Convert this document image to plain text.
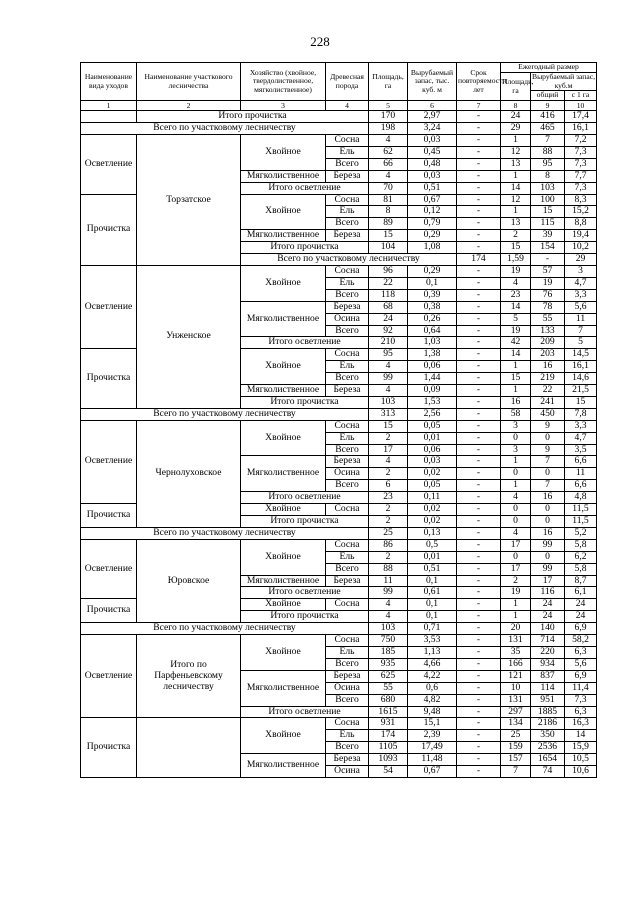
228
Наименование вида уходов	Наименование участкового лесничества	Хозяйство (хвойное, твердолиственное, мягколиственное)	Древесная порода	Площадь, га	Вырубаемый запас, тыс. куб. м	Срок повторяемости лет	Ежегодный размер			
							Площадь, га	Вырубаемый запас, куб.м		
								общий	с 1 га	
1	2	3	4	5	6	7	8	9	10	
	Итого прочистка			170	2,97	-	24	416	17,4	
Всего по участковому лесничеству				198	3,24	-	29	465	16,1	
Осветление	Торзатское	Хвойное	Сосна	4	0,03	-	1	7	7,2	
			Ель	62	0,45	-	12	88	7,3	
			Всего	66	0,48	-	13	95	7,3	
		Мягколиственное	Береза	4	0,03	-	1	8	7,7	
		Итого осветление		70	0,51	-	14	103	7,3	
Прочистка		Хвойное	Сосна	81	0,67	-	12	100	8,3	
			Ель	8	0,12	-	1	15	15,2	
			Всего	89	0,79	-	13	115	8,8	
		Мягколиственное	Береза	15	0,29	-	2	39	19,4	
		Итого прочистка		104	1,08	-	15	154	10,2	
		Всего по участковому лесничеству				174	1,59	-	29		
Осветление	Унженское	Хвойное	Сосна	96	0,29	-	19	57	3	
			Ель	22	0,1	-	4	19	4,7	
			Всего	118	0,39	-	23	76	3,3	
		Мягколиственное	Береза	68	0,38	-	14	78	5,6	
			Осина	24	0,26	-	5	55	11	
			Всего	92	0,64	-	19	133	7	
		Итого осветление		210	1,03	-	42	209	5	
Прочистка		Хвойное	Сосна	95	1,38	-	14	203	14,5	
			Ель	4	0,06	-	1	16	16,1	
			Всего	99	1,44	-	15	219	14,6	
		Мягколиственное	Береза	4	0,09	-	1	22	21,5	
		Итого прочистка		103	1,53	-	16	241	15	
Всего по участковому лесничеству				313	2,56	-	58	450	7,8	
Осветление	Чернолуховское	Хвойное	Сосна	15	0,05	-	3	9	3,3	
			Ель	2	0,01	-	0	0	4,7	
			Всего	17	0,06	-	3	9	3,5	
		Мягколиственное	Береза	4	0,03	-	1	7	6,6	
			Осина	2	0,02	-	0	0	11	
			Всего	6	0,05	-	1	7	6,6	
		Итого осветление		23	0,11	-	4	16	4,8	
Прочистка		Хвойное	Сосна	2	0,02	-	0	0	11,5	
		Итого прочистка		2	0,02	-	0	0	11,5	
Всего по участковому лесничеству				25	0,13	-	4	16	5,2	
Осветление	Юровское	Хвойное	Сосна	86	0,5	-	17	99	5,8	
			Ель	2	0,01	-	0	0	6,2	
			Всего	88	0,51	-	17	99	5,8	
		Мягколиственное	Береза	11	0,1	-	2	17	8,7	
		Итого осветление		99	0,61	-	19	116	6,1	
Прочистка		Хвойное	Сосна	4	0,1	-	1	24	24	
		Итого прочистка		4	0,1	-	1	24	24	
Всего по участковому лесничеству				103	0,71	-	20	140	6,9	
Осветление	Итого по Парфеньевскому лесничеству	Хвойное	Сосна	750	3,53	-	131	714	58,2	
			Ель	185	1,13	-	35	220	6,3	
			Всего	935	4,66	-	166	934	5,6	
		Мягколиственное	Береза	625	4,22	-	121	837	6,9	
			Осина	55	0,6	-	10	114	11,4	
			Всего	680	4,82	-	131	951	7,3	
		Итого осветление		1615	9,48	-	297	1885	6,3	
Прочистка		Хвойное	Сосна	931	15,1	-	134	2186	16,3	
			Ель	174	2,39	-	25	350	14	
			Всего	1105	17,49	-	159	2536	15,9	
		Мягколиственное	Береза	1093	11,48	-	157	1654	10,5	
			Осина	54	0,67	-	7	74	10,6	
